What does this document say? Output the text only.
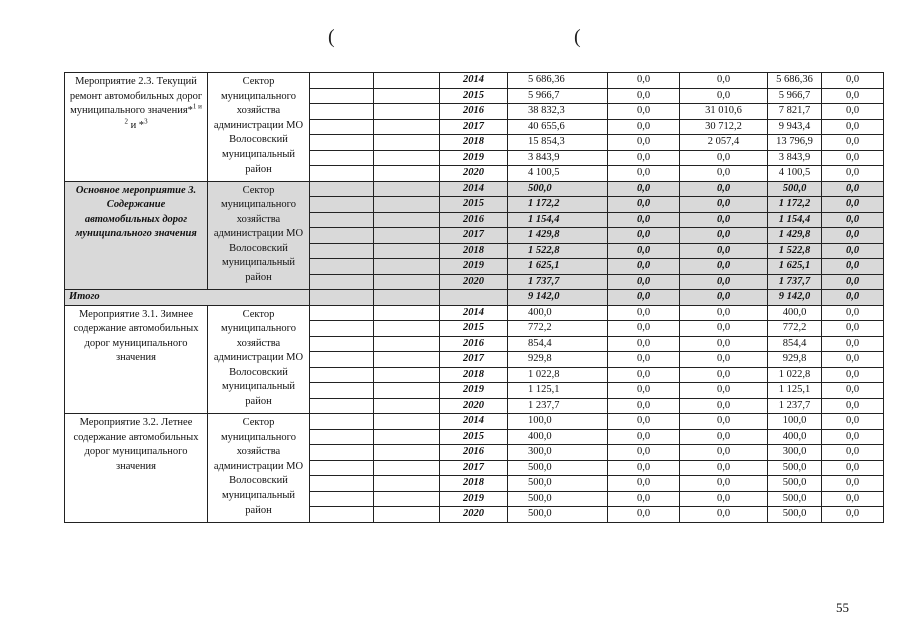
(	(
Мероприятие 2.3. Текущий ремонт автомобильных дорог муниципального значения*$^{1 и 2}$ и *$^3$	Сектор муниципального хозяйства администрации МО Волосовский муниципальный район			2014	5 686,36	0,0	0,0	5 686,36	0,0
				2015	5 966,7	0,0	0,0	5 966,7	0,0
				2016	38 832,3	0,0	31 010,6	7 821,7	0,0
				2017	40 655,6	0,0	30 712,2	9 943,4	0,0
				2018	15 854,3	0,0	2 057,4	13 796,9	0,0
				2019	3 843,9	0,0	0,0	3 843,9	0,0
				2020	4 100,5	0,0	0,0	4 100,5	0,0
Основное мероприятие 3. Содержание автомобильных дорог муниципального значения	Сектор муниципального хозяйства администрации МО Волосовский муниципальный район			2014	500,0	0,0	0,0	500,0	0,0
				2015	1 172,2	0,0	0,0	1 172,2	0,0
				2016	1 154,4	0,0	0,0	1 154,4	0,0
				2017	1 429,8	0,0	0,0	1 429,8	0,0
				2018	1 522,8	0,0	0,0	1 522,8	0,0
				2019	1 625,1	0,0	0,0	1 625,1	0,0
				2020	1 737,7	0,0	0,0	1 737,7	0,0
Итого					9 142,0	0,0	0,0	9 142,0	0,0
Мероприятие 3.1. Зимнее содержание автомобильных дорог муниципального значения	Сектор муниципального хозяйства администрации МО Волосовский муниципальный район			2014	400,0	0,0	0,0	400,0	0,0
				2015	772,2	0,0	0,0	772,2	0,0
				2016	854,4	0,0	0,0	854,4	0,0
				2017	929,8	0,0	0,0	929,8	0,0
				2018	1 022,8	0,0	0,0	1 022,8	0,0
				2019	1 125,1	0,0	0,0	1 125,1	0,0
				2020	1 237,7	0,0	0,0	1 237,7	0,0
Мероприятие 3.2. Летнее содержание автомобильных дорог муниципального значения	Сектор муниципального хозяйства администрации МО Волосовский муниципальный район			2014	100,0	0,0	0,0	100,0	0,0
				2015	400,0	0,0	0,0	400,0	0,0
				2016	300,0	0,0	0,0	300,0	0,0
				2017	500,0	0,0	0,0	500,0	0,0
				2018	500,0	0,0	0,0	500,0	0,0
				2019	500,0	0,0	0,0	500,0	0,0
				2020	500,0	0,0	0,0	500,0	0,0
55
